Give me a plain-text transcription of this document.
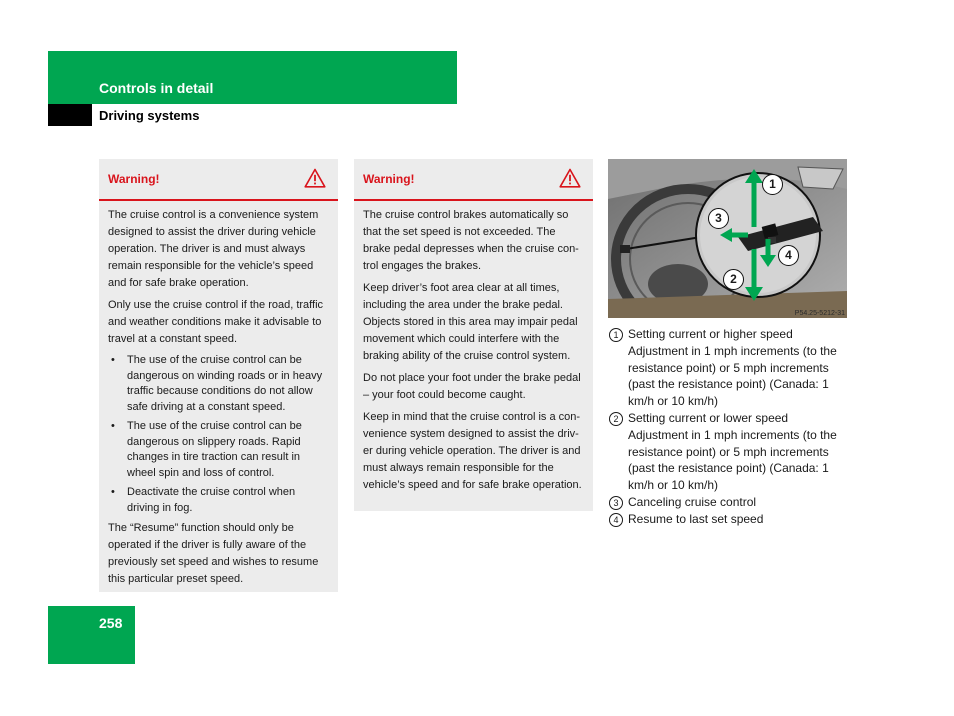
Controls in detail
Driving systems
Warning!

The cruise control is a convenience system designed to assist the driver during vehicle operation. The driver is and must always remain responsible for the vehicle’s speed and for safe brake operation.

Only use the cruise control if the road, traffic and weather conditions make it advisable to travel at a constant speed.

• The use of the cruise control can be dangerous on winding roads or in heavy traffic because conditions do not allow safe driving at a constant speed.
• The use of the cruise control can be dangerous on slippery roads. Rapid changes in tire traction can result in wheel spin and loss of control.
• Deactivate the cruise control when driving in fog.

The “Resume” function should only be operated if the driver is fully aware of the previously set speed and wishes to resume this particular preset speed.

Warning!

The cruise control brakes automatically so that the set speed is not exceeded. The brake pedal depresses when the cruise con-trol engages the brakes.

Keep driver’s foot area clear at all times, including the area under the brake pedal. Objects stored in this area may impair pedal movement which could interfere with the braking ability of the cruise control system.

Do not place your foot under the brake pedal – your foot could become caught.

Keep in mind that the cruise control is a con-venience system designed to assist the driv-er during vehicle operation. The driver is and must always remain responsible for the vehicle’s speed and for safe brake operation.

1
3
4
2
P54.25-5212-31
1 Setting current or higher speed
Adjustment in 1 mph increments (to the resistance point) or 5 mph increments (past the resistance point) (Canada: 1 km/h or 10 km/h)
2 Setting current or lower speed
Adjustment in 1 mph increments (to the resistance point) or 5 mph increments (past the resistance point) (Canada: 1 km/h or 10 km/h)
3 Canceling cruise control
4 Resume to last set speed
258
